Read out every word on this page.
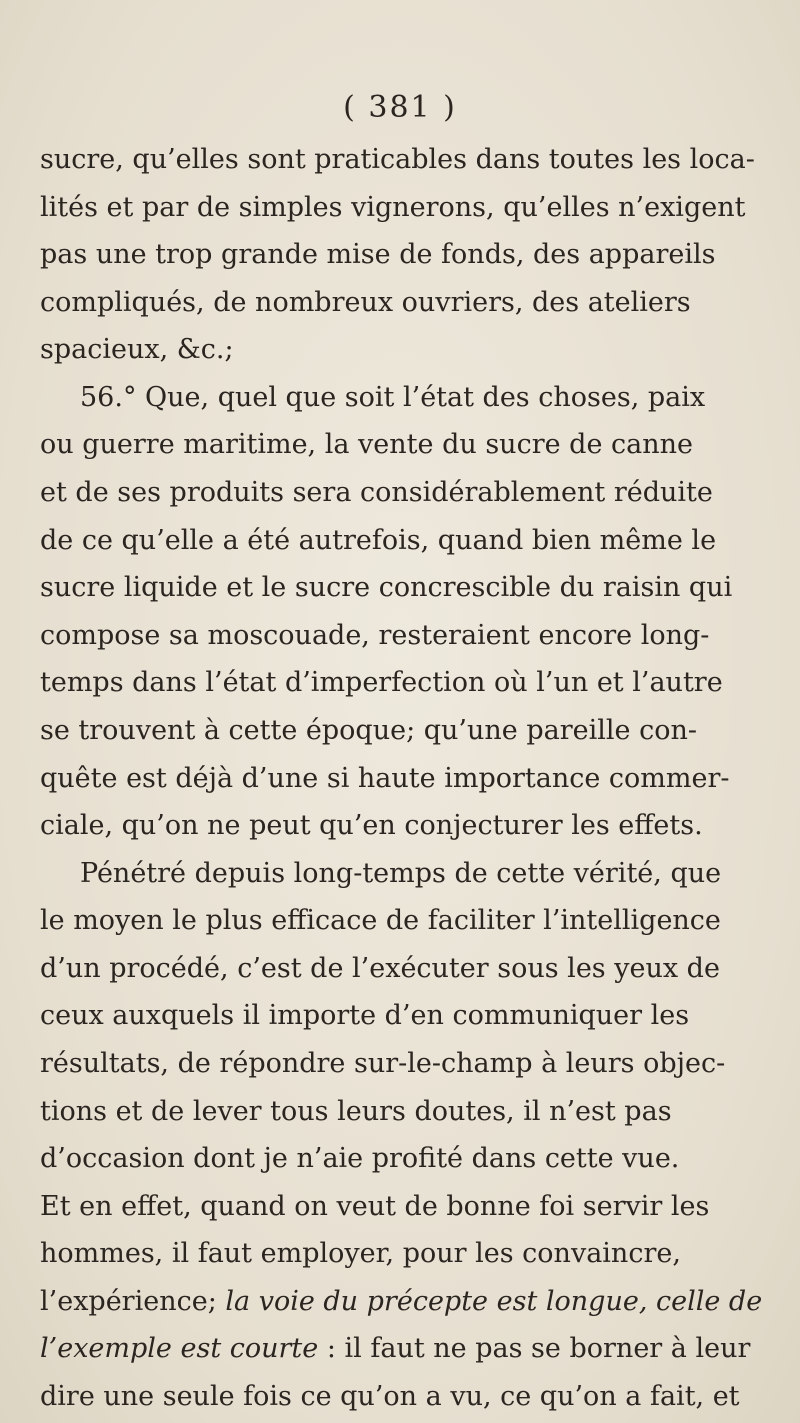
( 381 )
sucre, qu’elles sont praticables dans toutes les loca-
lités et par de simples vignerons, qu’elles n’exigent
pas une trop grande mise de fonds, des appareils
compliqués, de nombreux ouvriers, des ateliers
spacieux, &c.;
56.° Que, quel que soit l’état des choses, paix
ou guerre maritime, la vente du sucre de canne
et de ses produits sera considérablement réduite
de ce qu’elle a été autrefois, quand bien même le
sucre liquide et le sucre concrescible du raisin qui
compose sa moscouade, resteraient encore long-
temps dans l’état d’imperfection où l’un et l’autre
se trouvent à cette époque; qu’une pareille con-
quête est déjà d’une si haute importance commer-
ciale, qu’on ne peut qu’en conjecturer les effets.
Pénétré depuis long-temps de cette vérité, que
le moyen le plus efficace de faciliter l’intelligence
d’un procédé, c’est de l’exécuter sous les yeux de
ceux auxquels il importe d’en communiquer les
résultats, de répondre sur-le-champ à leurs objec-
tions et de lever tous leurs doutes, il n’est pas
d’occasion dont je n’aie profité dans cette vue.
Et en effet, quand on veut de bonne foi servir les
hommes, il faut employer, pour les convaincre,
l’expérience; la voie du précepte est longue, celle de
l’exemple est courte : il faut ne pas se borner à leur
dire une seule fois ce qu’on a vu, ce qu’on a fait, et
